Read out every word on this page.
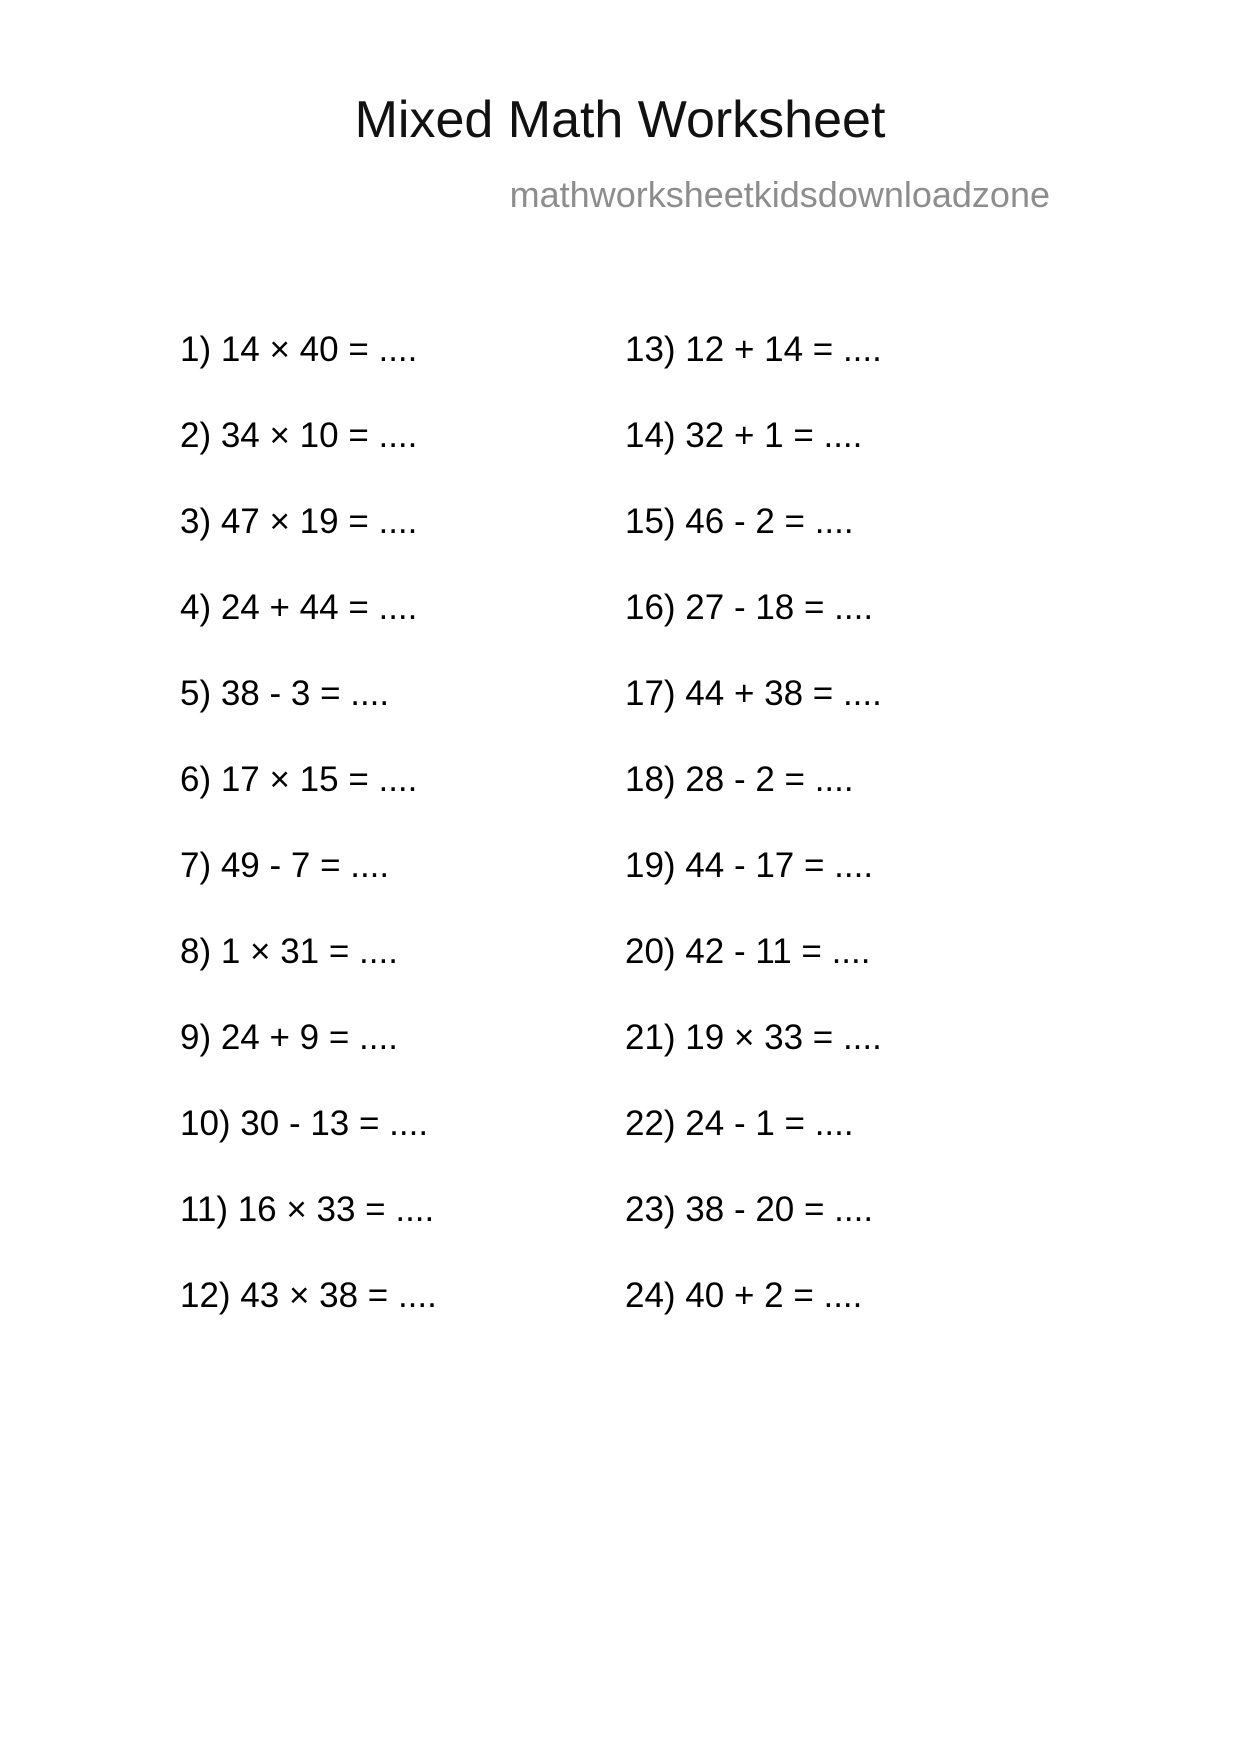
Mixed Math Worksheet
mathworksheetkidsdownloadzone
1) 14 × 40 = ....
2) 34 × 10 = ....
3) 47 × 19 = ....
4) 24 + 44 = ....
5) 38 - 3 = ....
6) 17 × 15 = ....
7) 49 - 7 = ....
8) 1 × 31 = ....
9) 24 + 9 = ....
10) 30 - 13 = ....
11) 16 × 33 = ....
12) 43 × 38 = ....
13) 12 + 14 = ....
14) 32 + 1 = ....
15) 46 - 2 = ....
16) 27 - 18 = ....
17) 44 + 38 = ....
18) 28 - 2 = ....
19) 44 - 17 = ....
20) 42 - 11 = ....
21) 19 × 33 = ....
22) 24 - 1 = ....
23) 38 - 20 = ....
24) 40 + 2 = ....
